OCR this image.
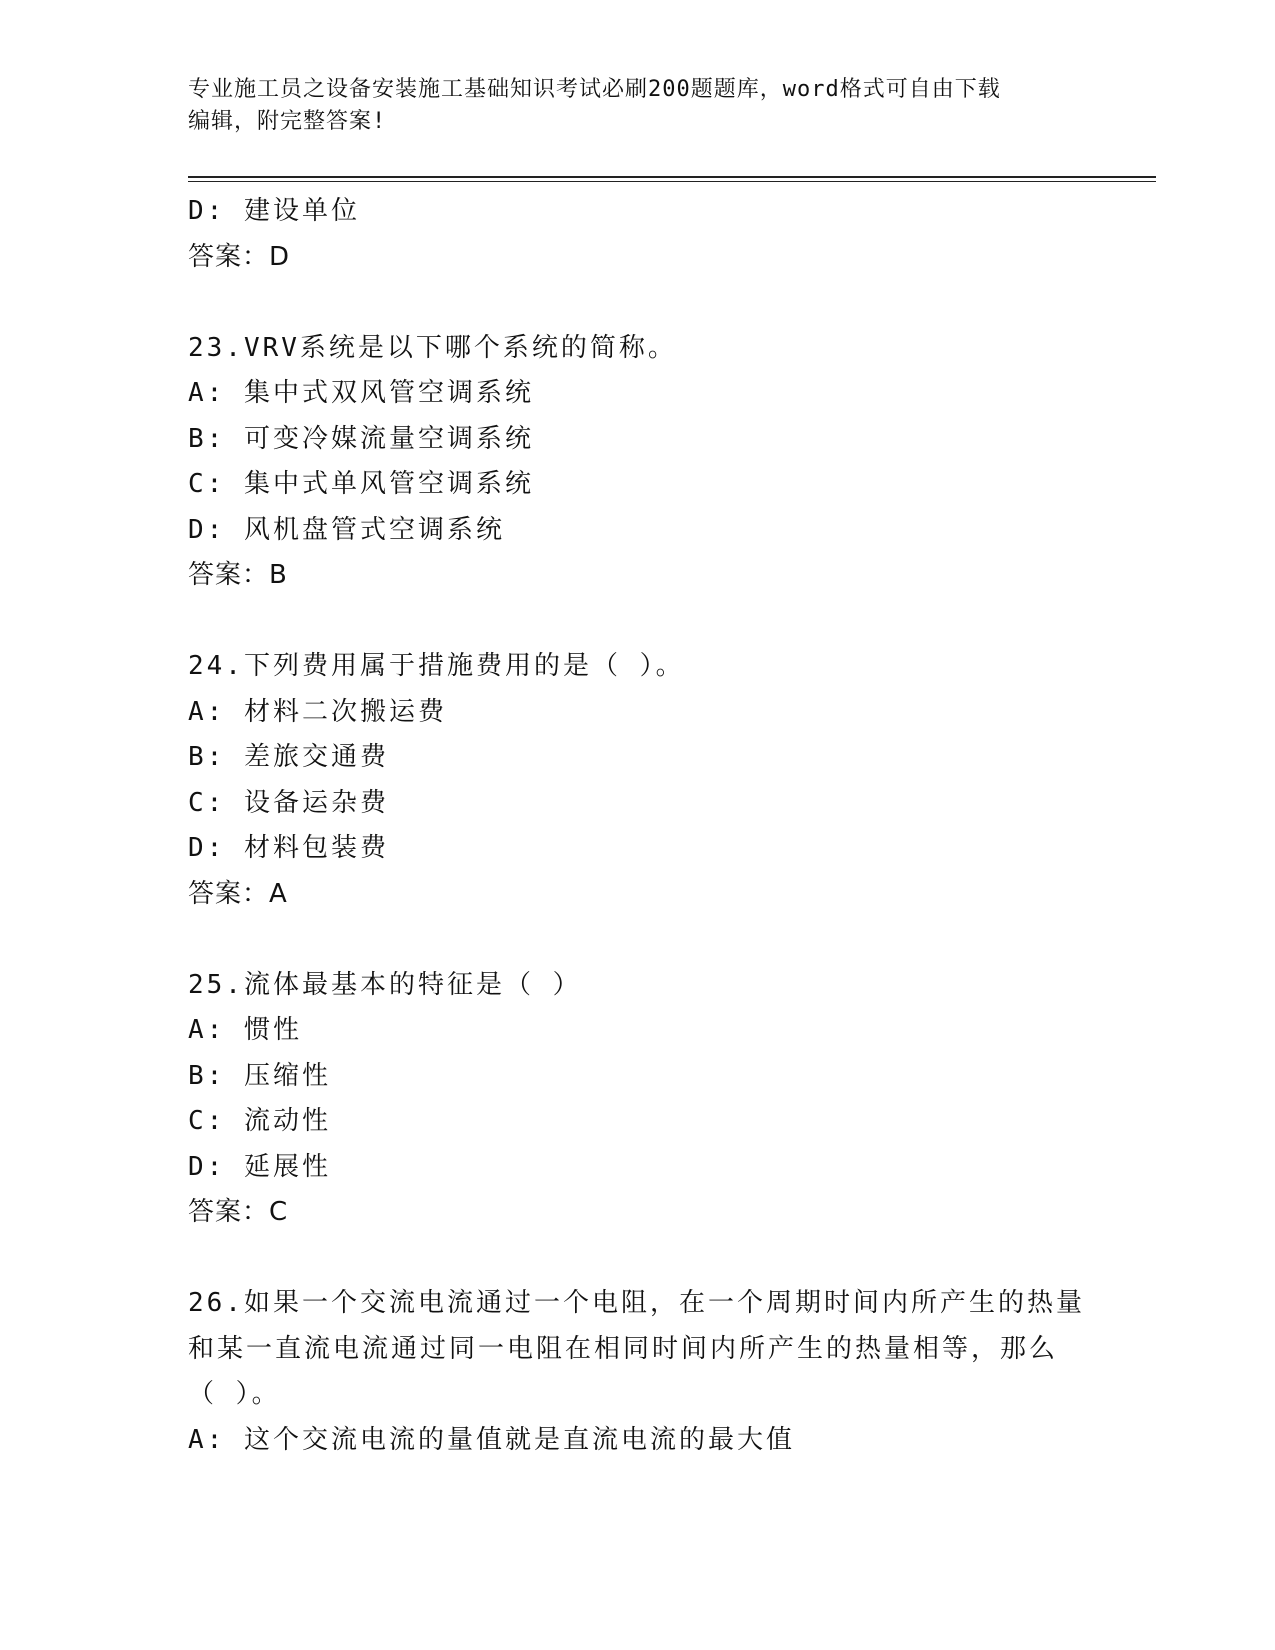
专业施工员之设备安装施工基础知识考试必刷200题题库，word格式可自由下载
编辑，附完整答案!
D: 建设单位
答案：D
23.VRV系统是以下哪个系统的简称。
A: 集中式双风管空调系统
B: 可变冷媒流量空调系统
C: 集中式单风管空调系统
D: 风机盘管式空调系统
答案：B
24.下列费用属于措施费用的是（ ）。
A: 材料二次搬运费
B: 差旅交通费
C: 设备运杂费
D: 材料包装费
答案：A
25.流体最基本的特征是（ ）
A: 惯性
B: 压缩性
C: 流动性
D: 延展性
答案：C
26.如果一个交流电流通过一个电阻，在一个周期时间内所产生的热量
和某一直流电流通过同一电阻在相同时间内所产生的热量相等，那么
（ ）。
A: 这个交流电流的量值就是直流电流的最大值
